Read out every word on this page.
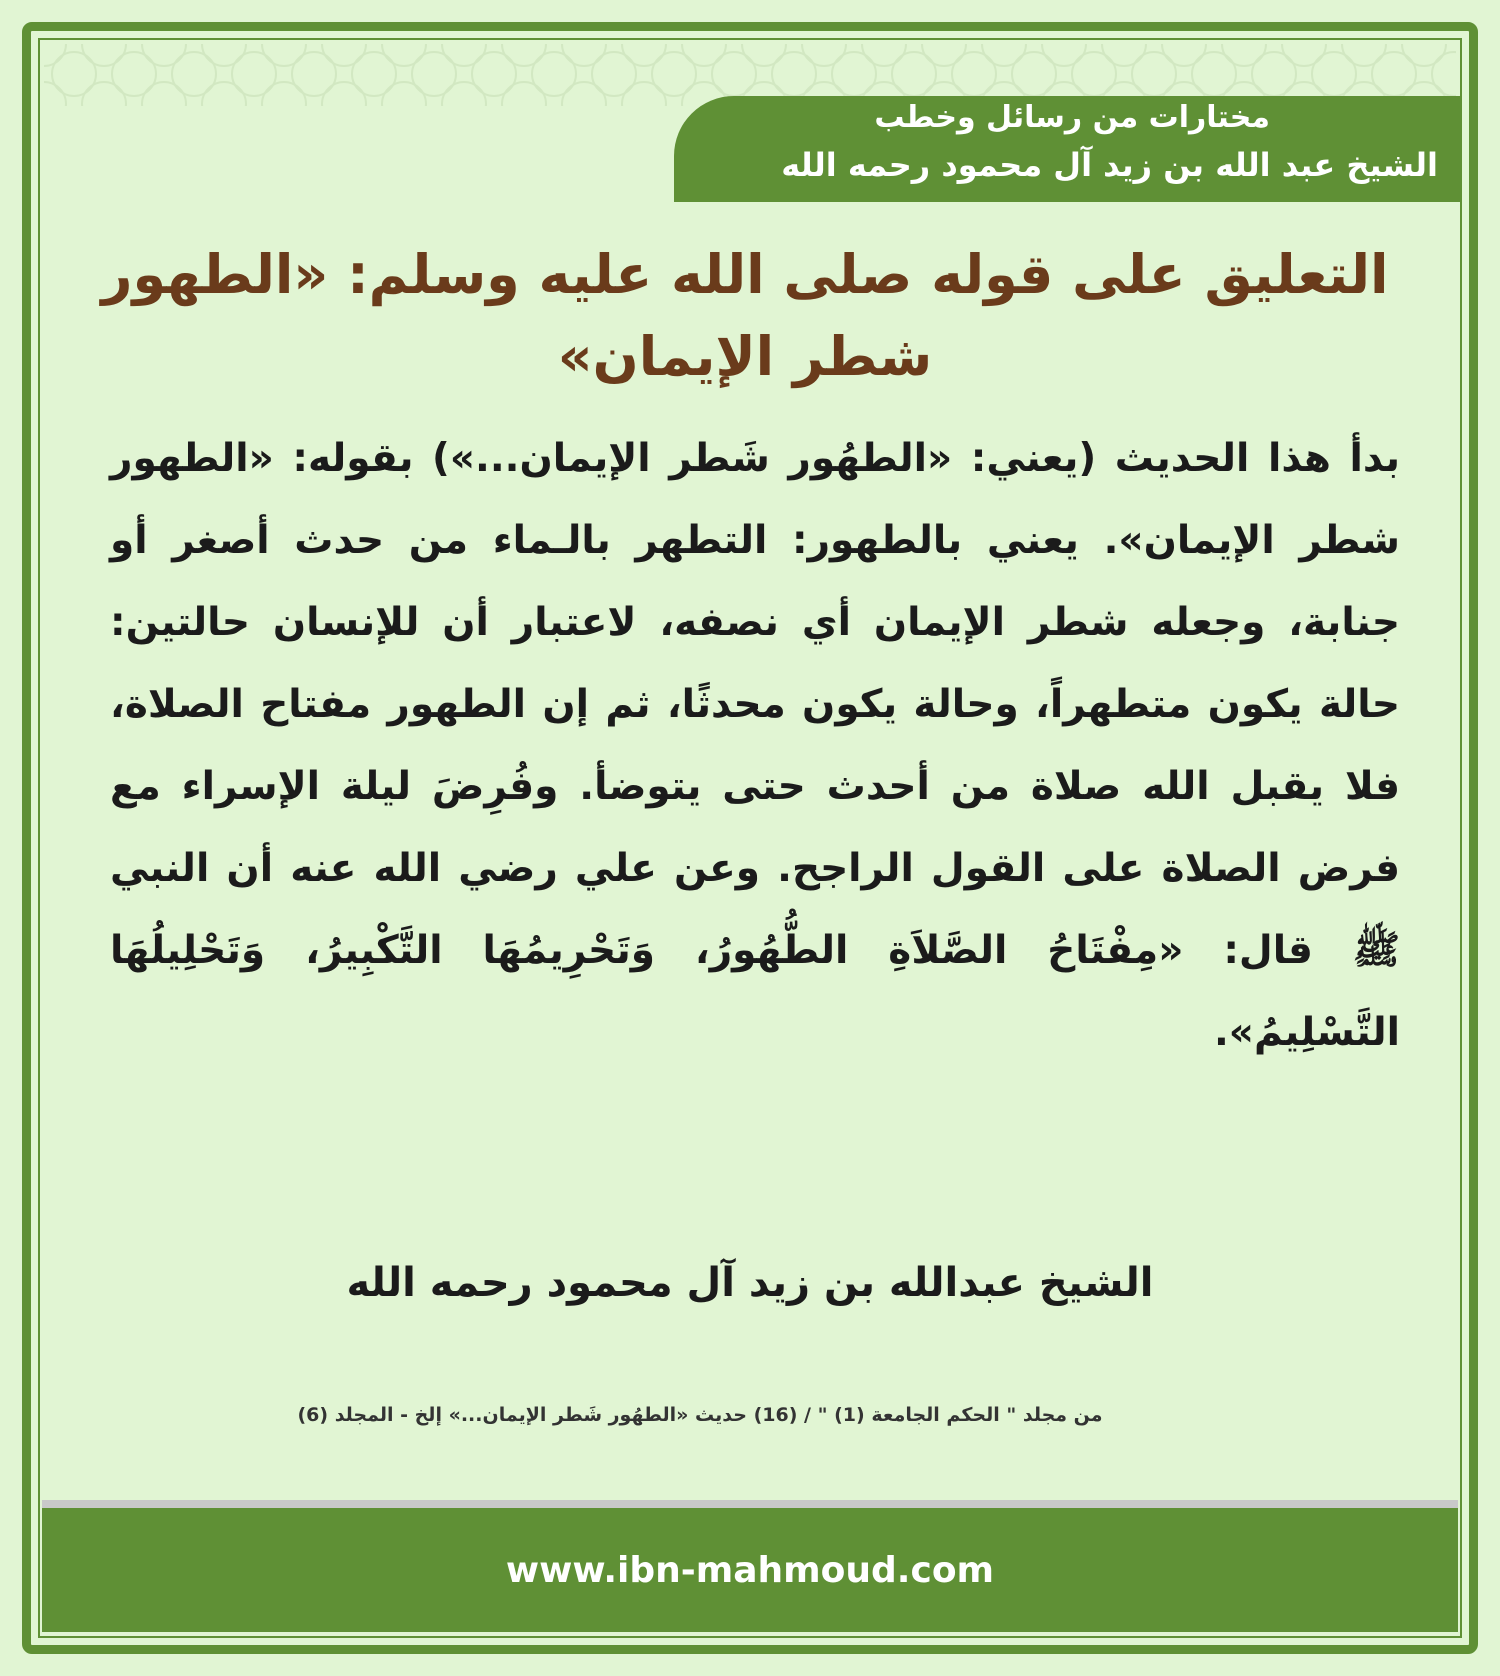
مختارات من رسائل وخطب
الشيخ عبد الله بن زيد آل محمود رحمه الله
التعليق على قوله صلى الله عليه وسلم: «الطهور شطر الإيمان»
بدأ هذا الحديث (يعني: «الطهُور شَطر الإيمان...») بقوله: «الطهور شطر الإيمان». يعني بالطهور: التطهر بالـماء من حدث أصغر أو جنابة، وجعله شطر الإيمان أي نصفه، لاعتبار أن للإنسان حالتين: حالة يكون متطهراً، وحالة يكون محدثًا، ثم إن الطهور مفتاح الصلاة، فلا يقبل الله صلاة من أحدث حتى يتوضأ. وفُرِضَ ليلة الإسراء مع فرض الصلاة على القول الراجح. وعن علي رضي الله عنه أن النبي ﷺ قال: «مِفْتَاحُ الصَّلاَةِ الطُّهُورُ، وَتَحْرِيمُهَا التَّكْبِيرُ، وَتَحْلِيلُهَا التَّسْلِيمُ».
الشيخ عبدالله بن زيد آل محمود رحمه الله
من مجلد " الحكم الجامعة (1) " / (16) حديث «الطهُور شَطر الإيمان...» إلخ - المجلد (6)
www.ibn-mahmoud.com
